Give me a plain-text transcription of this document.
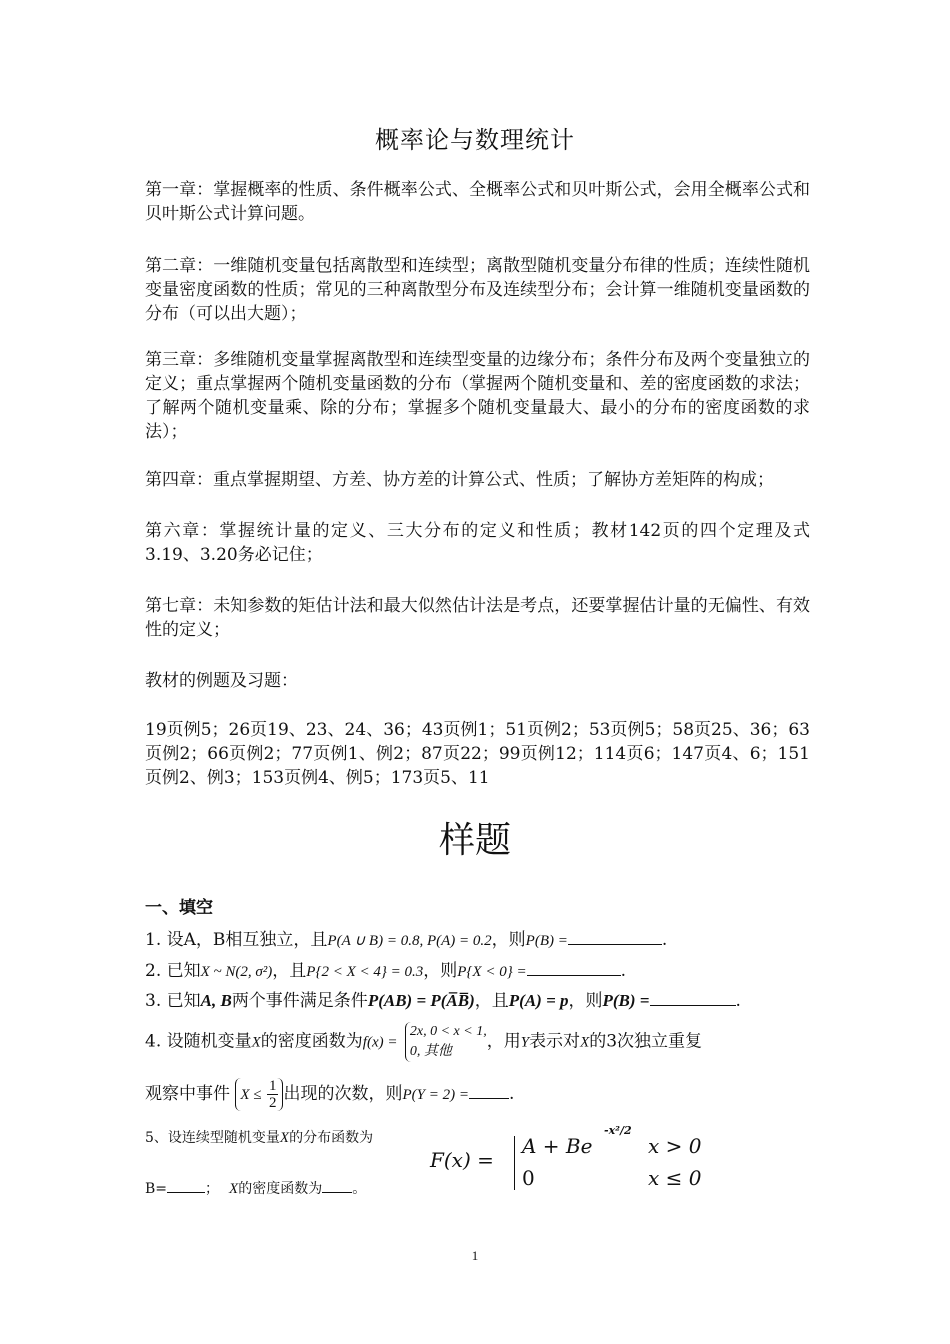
概率论与数理统计
第一章：掌握概率的性质、条件概率公式、全概率公式和贝叶斯公式，会用全概率公式和贝叶斯公式计算问题。
第二章：一维随机变量包括离散型和连续型；离散型随机变量分布律的性质；连续性随机变量密度函数的性质；常见的三种离散型分布及连续型分布；会计算一维随机变量函数的分布（可以出大题）；
第三章：多维随机变量掌握离散型和连续型变量的边缘分布；条件分布及两个变量独立的定义；重点掌握两个随机变量函数的分布（掌握两个随机变量和、差的密度函数的求法；了解两个随机变量乘、除的分布；掌握多个随机变量最大、最小的分布的密度函数的求法）；
第四章：重点掌握期望、方差、协方差的计算公式、性质；了解协方差矩阵的构成；
第六章：掌握统计量的定义、三大分布的定义和性质；教材142页的四个定理及式3.19、3.20务必记住；
第七章：未知参数的矩估计法和最大似然估计法是考点，还要掌握估计量的无偏性、有效性的定义；
教材的例题及习题：
19页例5；26页19、23、24、36；43页例1；51页例2；53页例5；58页25、36；63页例2；66页例2；77页例1、例2；87页22；99页例12；114页6；147页4、6；151页例2、例3；153页例4、例5；173页5、11
样题
一、填空
1. 设A，B相互独立，且P(A ∪ B) = 0.8, P(A) = 0.2，则P(B) =	.
2. 已知X ~ N(2, σ²)，且P{2 < X < 4} = 0.3，则P{X < 0} =	.
3. 已知A, B两个事件满足条件P(AB) = P(A̅B̅)，且P(A) = p，则P(B) =	.
4. 设随机变量X的密度函数为f(x) =
2x, 0 < x < 1,
0, 其他	，用Y表示对X的3次独立重复
观察中事件 $X \le \frac{1}{2}$ 出现的次数，则P(Y = 2) = .
5、设连续型随机变量X的分布函数为
B=	； X的密度函数为 。
F(x) =
A + Be
-x²/2
x > 0
0	x ≤ 0
1
